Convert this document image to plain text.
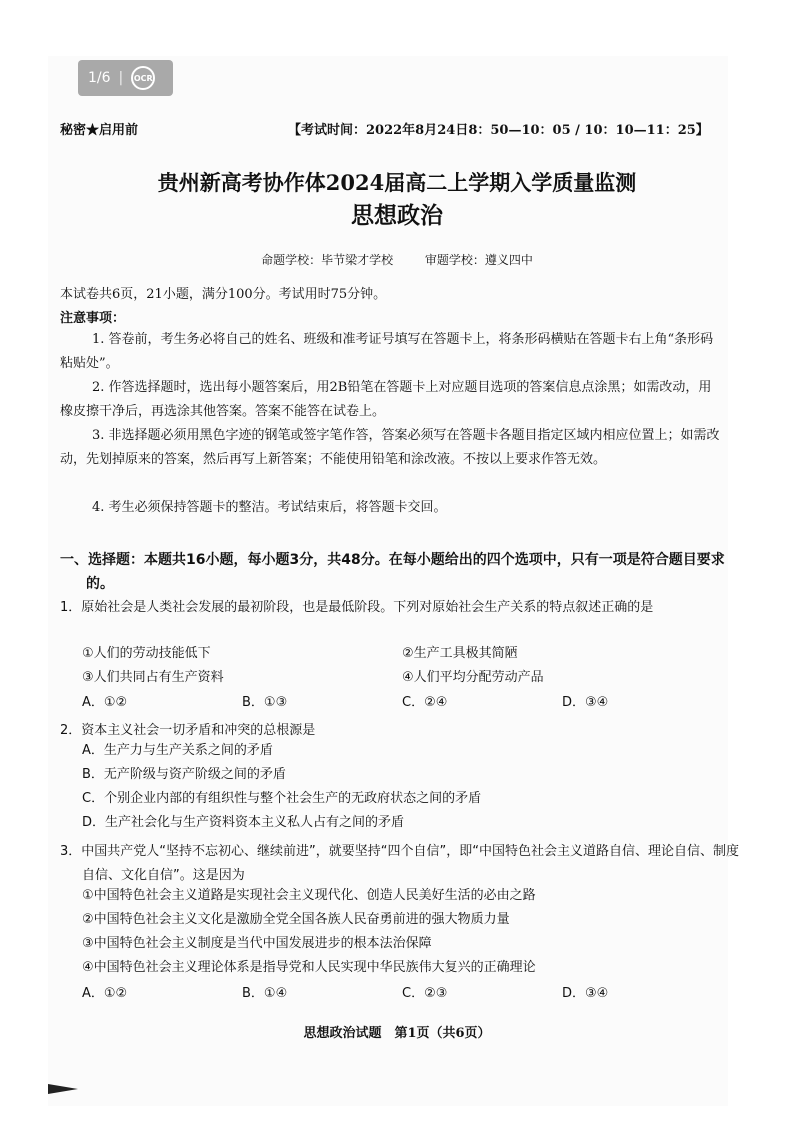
1/6 |	OCR
秘密★启用前	【考试时间：2022年8月24日8：50—10：05 / 10：10—11：25】
贵州新高考协作体2024届高二上学期入学质量监测
思想政治
命题学校：毕节梁才学校	审题学校：遵义四中
本试卷共6页，21小题，满分100分。考试用时75分钟。
注意事项：
1. 答卷前，考生务必将自己的姓名、班级和准考证号填写在答题卡上，将条形码横贴在答题卡右上角“条形码粘贴处”。
2. 作答选择题时，选出每小题答案后，用2B铅笔在答题卡上对应题目选项的答案信息点涂黑；如需改动，用橡皮擦干净后，再选涂其他答案。答案不能答在试卷上。
3. 非选择题必须用黑色字迹的钢笔或签字笔作答，答案必须写在答题卡各题目指定区域内相应位置上；如需改动，先划掉原来的答案，然后再写上新答案；不能使用铅笔和涂改液。不按以上要求作答无效。
4. 考生必须保持答题卡的整洁。考试结束后，将答题卡交回。
一、选择题：本题共16小题，每小题3分，共48分。在每小题给出的四个选项中，只有一项是符合题目要求的。
1．原始社会是人类社会发展的最初阶段，也是最低阶段。下列对原始社会生产关系的特点叙述正确的是
①人们的劳动技能低下	②生产工具极其简陋
③人们共同占有生产资料	④人们平均分配劳动产品
A．①②	B．①③	C．②④	D．③④
2．资本主义社会一切矛盾和冲突的总根源是
A．生产力与生产关系之间的矛盾
B．无产阶级与资产阶级之间的矛盾
C．个别企业内部的有组织性与整个社会生产的无政府状态之间的矛盾
D．生产社会化与生产资料资本主义私人占有之间的矛盾
3．中国共产党人“坚持不忘初心、继续前进”，就要坚持“四个自信”，即“中国特色社会主义道路自信、理论自信、制度自信、文化自信”。这是因为
①中国特色社会主义道路是实现社会主义现代化、创造人民美好生活的必由之路
②中国特色社会主义文化是激励全党全国各族人民奋勇前进的强大物质力量
③中国特色社会主义制度是当代中国发展进步的根本法治保障
④中国特色社会主义理论体系是指导党和人民实现中华民族伟大复兴的正确理论
A．①②	B．①④	C．②③	D．③④
思想政治试题　第1页（共6页）
